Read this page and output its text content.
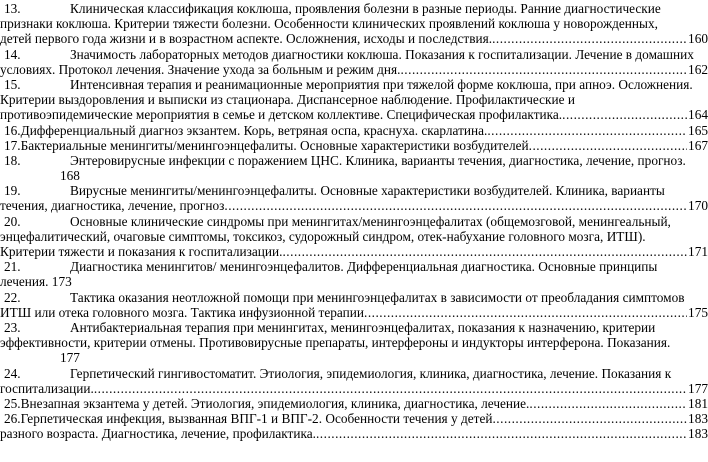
13.	Клиническая классификация коклюша, проявления болезни в разные периоды. Ранние диагностические
признаки коклюша. Критерии тяжести болезни. Особенности клинических проявлений коклюша у новорожденных,
детей первого года жизни и в возрастном аспекте. Осложнения, исходы и последствия. .....	160
14.	Значимость лабораторных методов диагностики коклюша. Показания к госпитализации. Лечение в домашних
условиях. Протокол лечения. Значение ухода за больным и режим дня. .....	162
15.	Интенсивная терапия и реанимационные мероприятия при тяжелой форме коклюша, при апноэ. Осложнения.
Критерии выздоровления и выписки из стационара. Диспансерное наблюдение. Профилактические и
противоэпидемические мероприятия в семье и детском коллективе. Специфическая профилактика. .....	164
16. Дифференциальный диагноз экзантем. Корь, ветряная оспа, краснуха. скарлатина. .....	165
17. Бактериальные менингиты/менингоэнцефалиты. Основные характеристики возбудителей .....	167
18.	Энтеровирусные инфекции с поражением ЦНС. Клиника, варианты течения, диагностика, лечение, прогноз.
168
19.	Вирусные менингиты/менингоэнцефалиты. Основные характеристики возбудителей. Клиника, варианты
течения, диагностика, лечение, прогноз .....	170
20.	Основные клинические синдромы при менингитах/менингоэнцефалитах (общемозговой, менингеальный,
энцефалитический, очаговые симптомы, токсикоз, судорожный синдром, отек-набухание головного мозга, ИТШ).
Критерии тяжести и показания к госпитализации. .....	171
21.	Диагностика менингитов/ менингоэнцефалитов. Дифференциальная диагностика. Основные принципы
лечения. 173
22.	Тактика оказания неотложной помощи при менингоэнцефалитах в зависимости от преобладания симптомов
ИТШ или отека головного мозга. Тактика инфузионной терапии .....	175
23.	Антибактериальная терапия при менингитах, менингоэнцефалитах, показания к назначению, критерии
эффективности, критерии отмены. Противовирусные препараты, интерфероны и индукторы интерферона. Показания.
177
24.	Герпетический гингивостоматит. Этиология, эпидемиология, клиника, диагностика, лечение. Показания к
госпитализации. .....	177
25. Внезапная экзантема у детей. Этиология, эпидемиология, клиника, диагностика, лечение. .....	181
26. Герпетическая инфекция, вызванная ВПГ-1 и ВПГ-2. Особенности течения у детей .....	183
разного возраста. Диагностика, лечение, профилактика. .....	183
